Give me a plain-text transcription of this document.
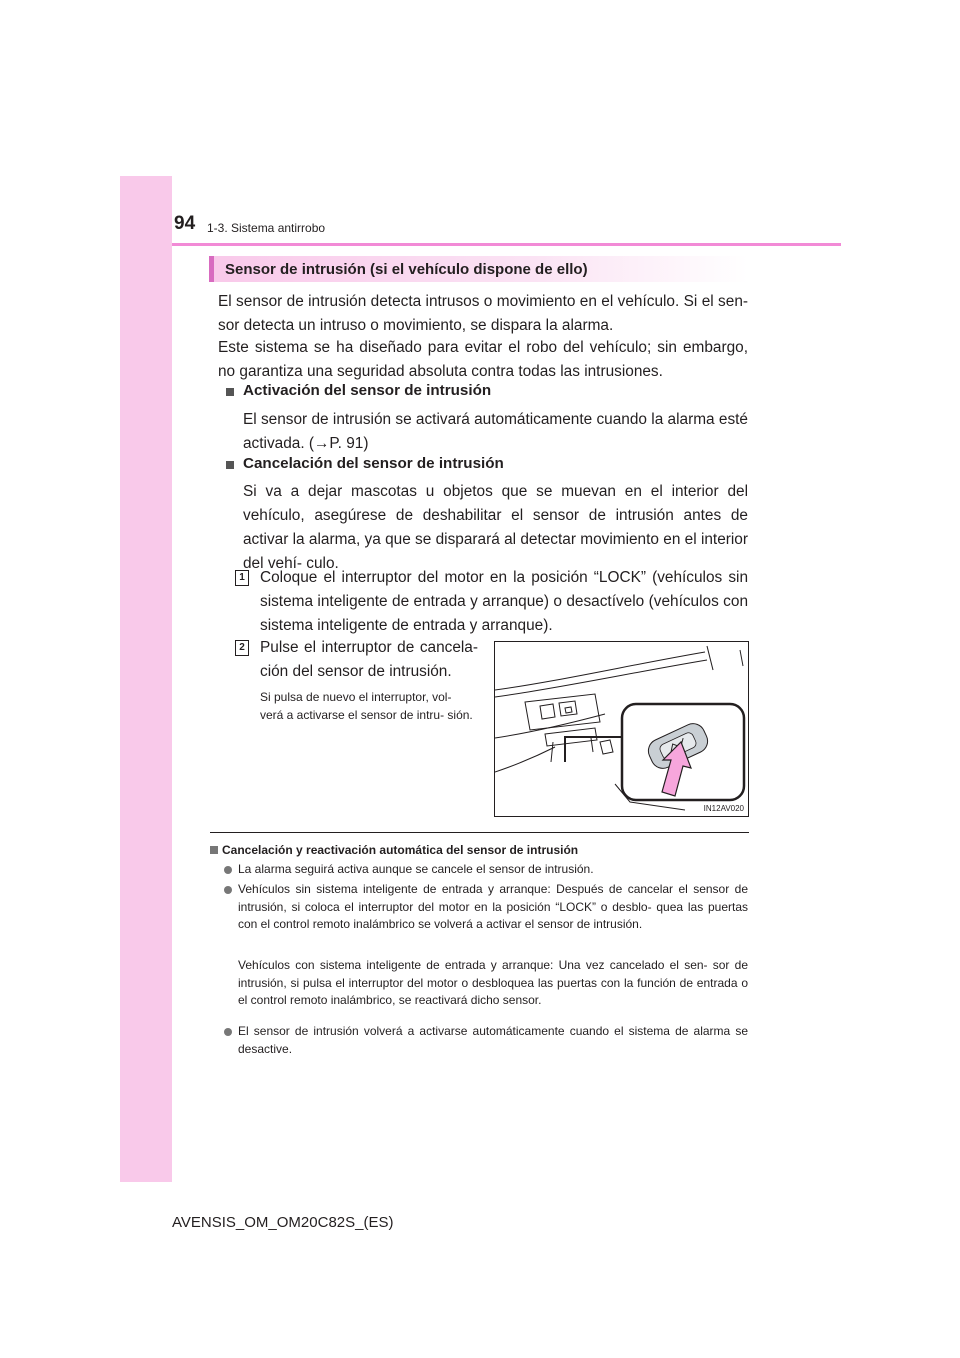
94 1-3. Sistema antirrobo
Sensor de intrusión (si el vehículo dispone de ello)

El sensor de intrusión detecta intrusos o movimiento en el vehículo. Si el sen- sor detecta un intruso o movimiento, se dispara la alarma.

Este sistema se ha diseñado para evitar el robo del vehículo; sin embargo, no garantiza una seguridad absoluta contra todas las intrusiones.

Activación del sensor de intrusión

El sensor de intrusión se activará automáticamente cuando la alarma esté activada. (→P. 91)

Cancelación del sensor de intrusión

Si va a dejar mascotas u objetos que se muevan en el interior del vehículo, asegúrese de deshabilitar el sensor de intrusión antes de activar la alarma, ya que se disparará al detectar movimiento en el interior del vehí- culo.

1 Coloque el interruptor del motor en la posición “LOCK” (vehículos sin sistema inteligente de entrada y arranque) o desactívelo (vehículos con sistema inteligente de entrada y arranque).

2 Pulse el interruptor de cancela- ción del sensor de intrusión.

Si pulsa de nuevo el interruptor, vol- verá a activarse el sensor de intru- sión.

IN12AV020
Cancelación y reactivación automática del sensor de intrusión

La alarma seguirá activa aunque se cancele el sensor de intrusión.

Vehículos sin sistema inteligente de entrada y arranque: Después de cancelar el sensor de intrusión, si coloca el interruptor del motor en la posición “LOCK” o desblo- quea las puertas con el control remoto inalámbrico se volverá a activar el sensor de intrusión.

Vehículos con sistema inteligente de entrada y arranque: Una vez cancelado el sen- sor de intrusión, si pulsa el interruptor del motor o desbloquea las puertas con la función de entrada o el control remoto inalámbrico, se reactivará dicho sensor.

El sensor de intrusión volverá a activarse automáticamente cuando el sistema de alarma se desactive.

AVENSIS_OM_OM20C82S_(ES)
